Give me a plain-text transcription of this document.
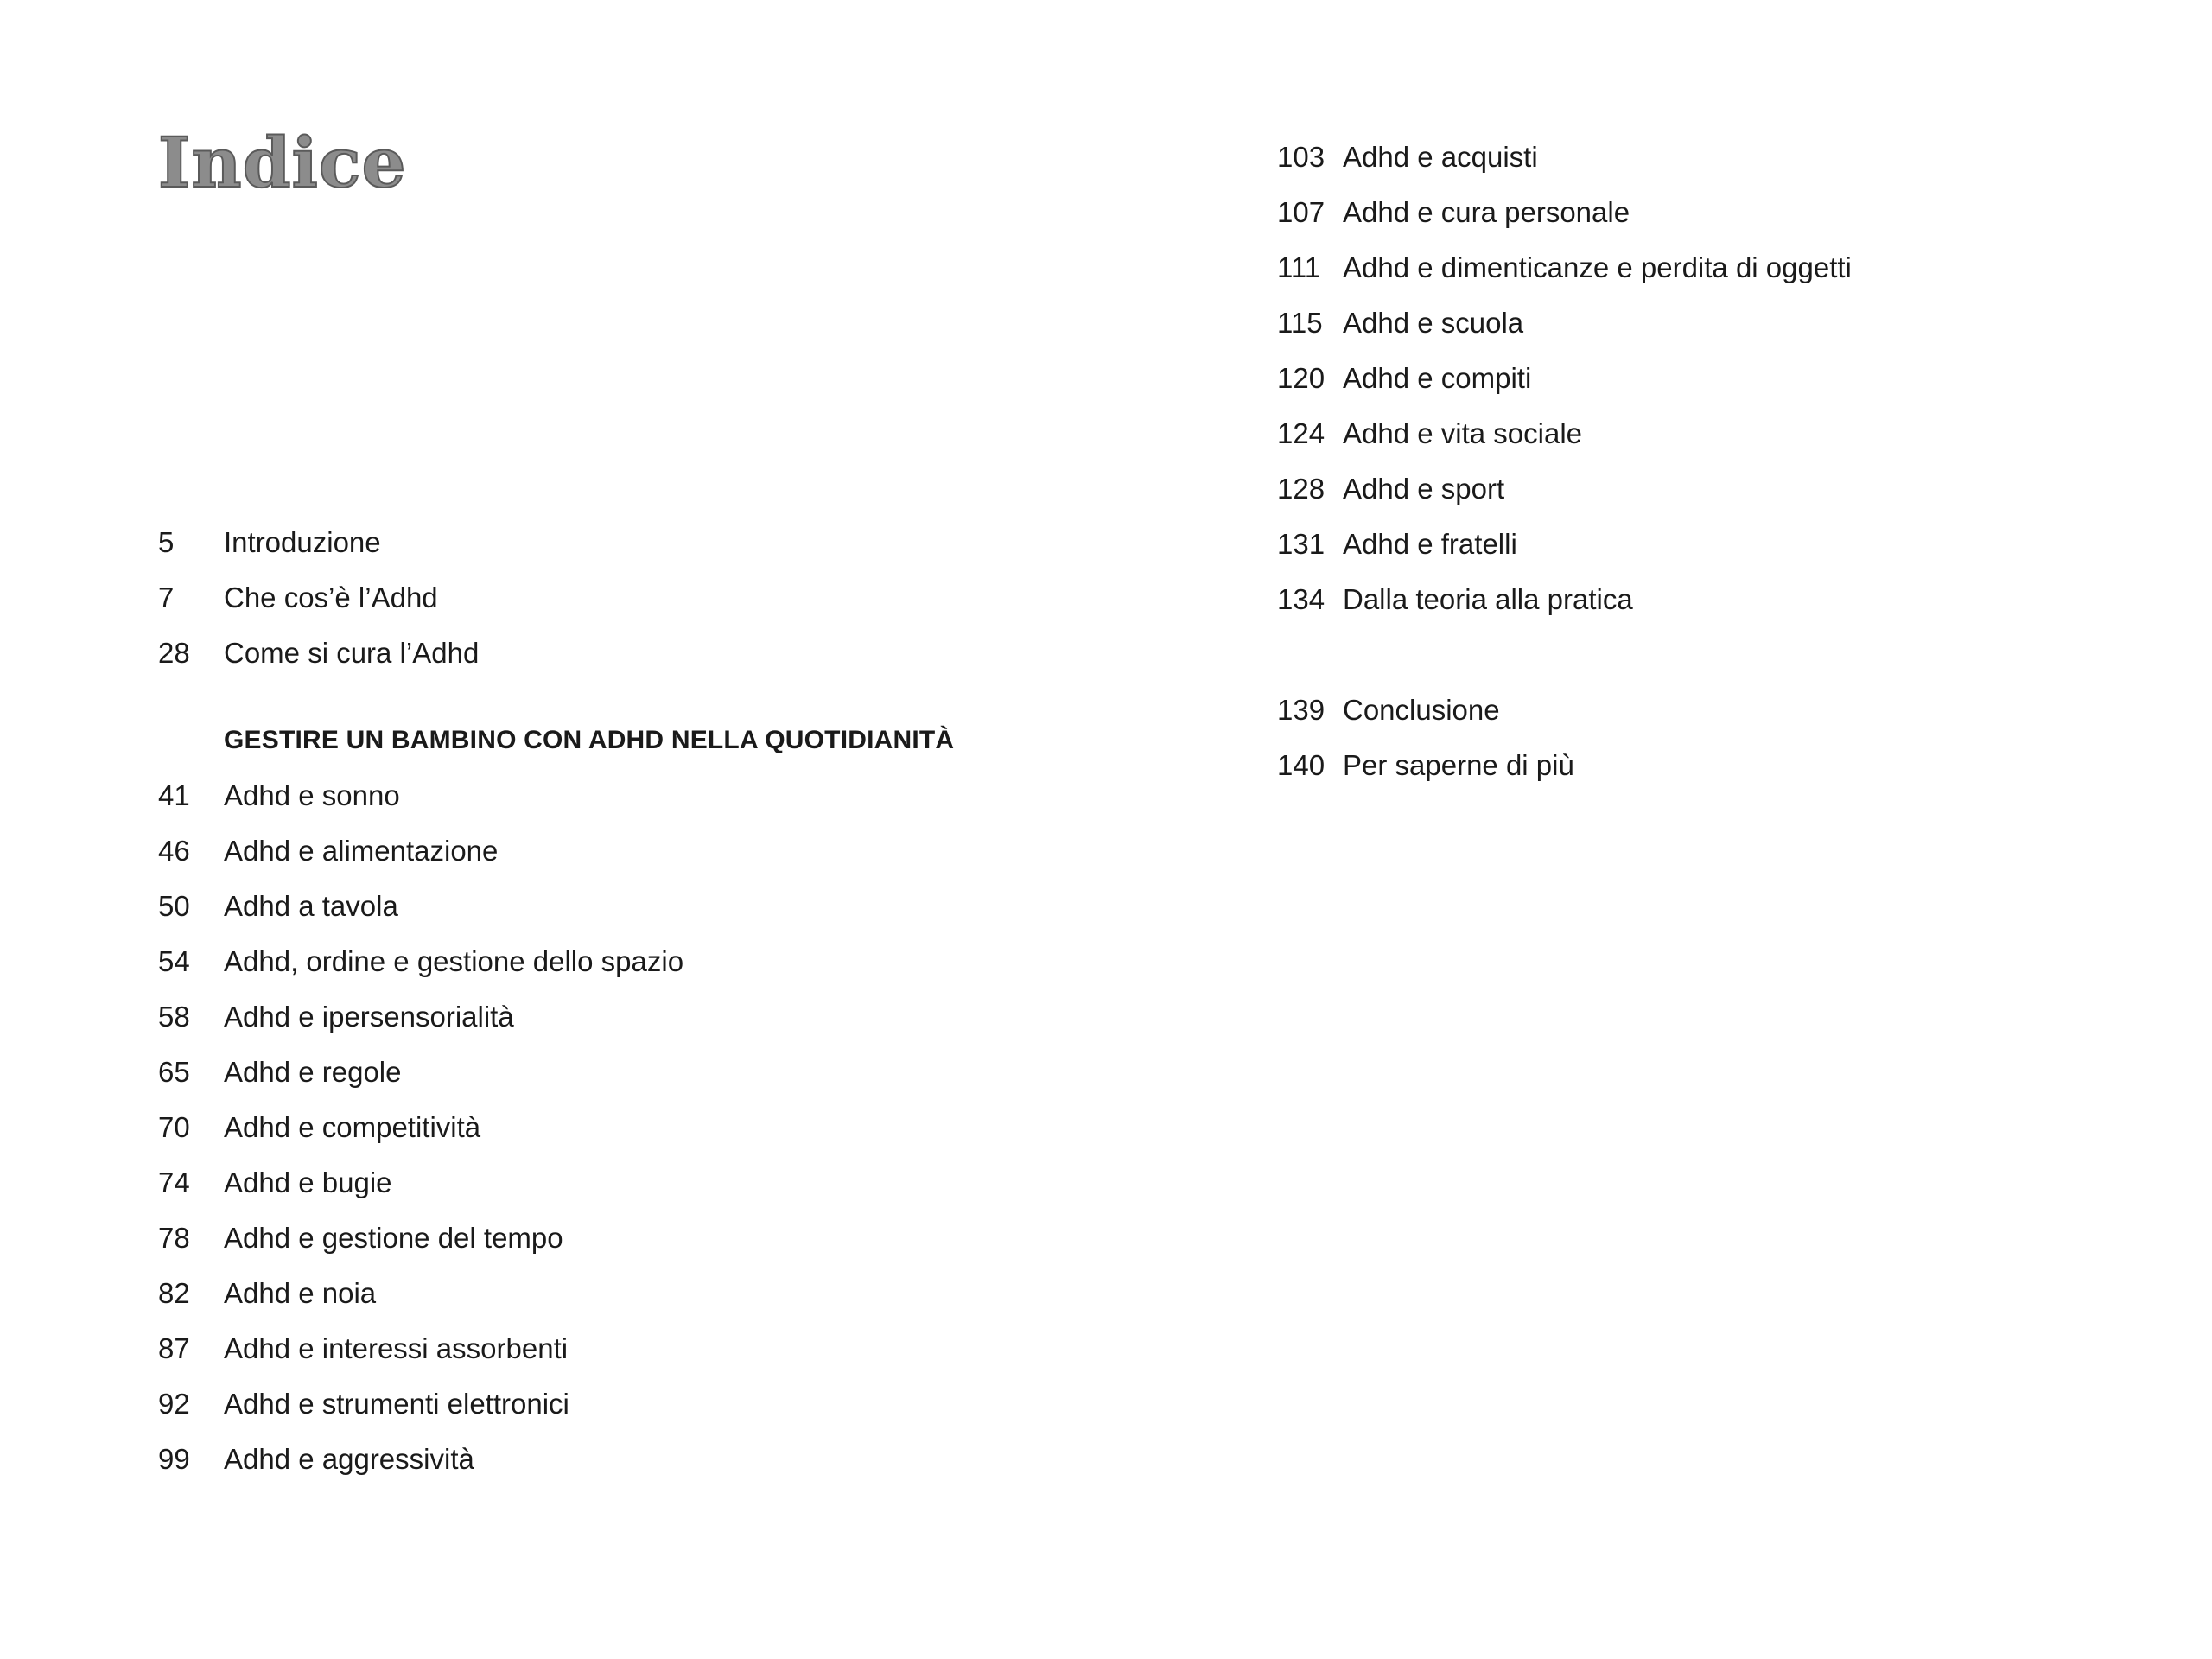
Indice
5	Introduzione
7	Che cos’è l’Adhd
28	Come si cura l’Adhd
GESTIRE UN BAMBINO CON ADHD NELLA QUOTIDIANITÀ
41	Adhd e sonno
46	Adhd e alimentazione
50	Adhd a tavola
54	Adhd, ordine e gestione dello spazio
58	Adhd e ipersensorialità
65	Adhd e regole
70	Adhd e competitività
74	Adhd e bugie
78	Adhd e gestione del tempo
82	Adhd e noia
87	Adhd e interessi assorbenti
92	Adhd e strumenti elettronici
99	Adhd e aggressività
103 Adhd e acquisti
107 Adhd e cura personale
111 Adhd e dimenticanze e perdita di oggetti
115 Adhd e scuola
120 Adhd e compiti
124 Adhd e vita sociale
128 Adhd e sport
131 Adhd e fratelli
134 Dalla teoria alla pratica
139 Conclusione
140 Per saperne di più
